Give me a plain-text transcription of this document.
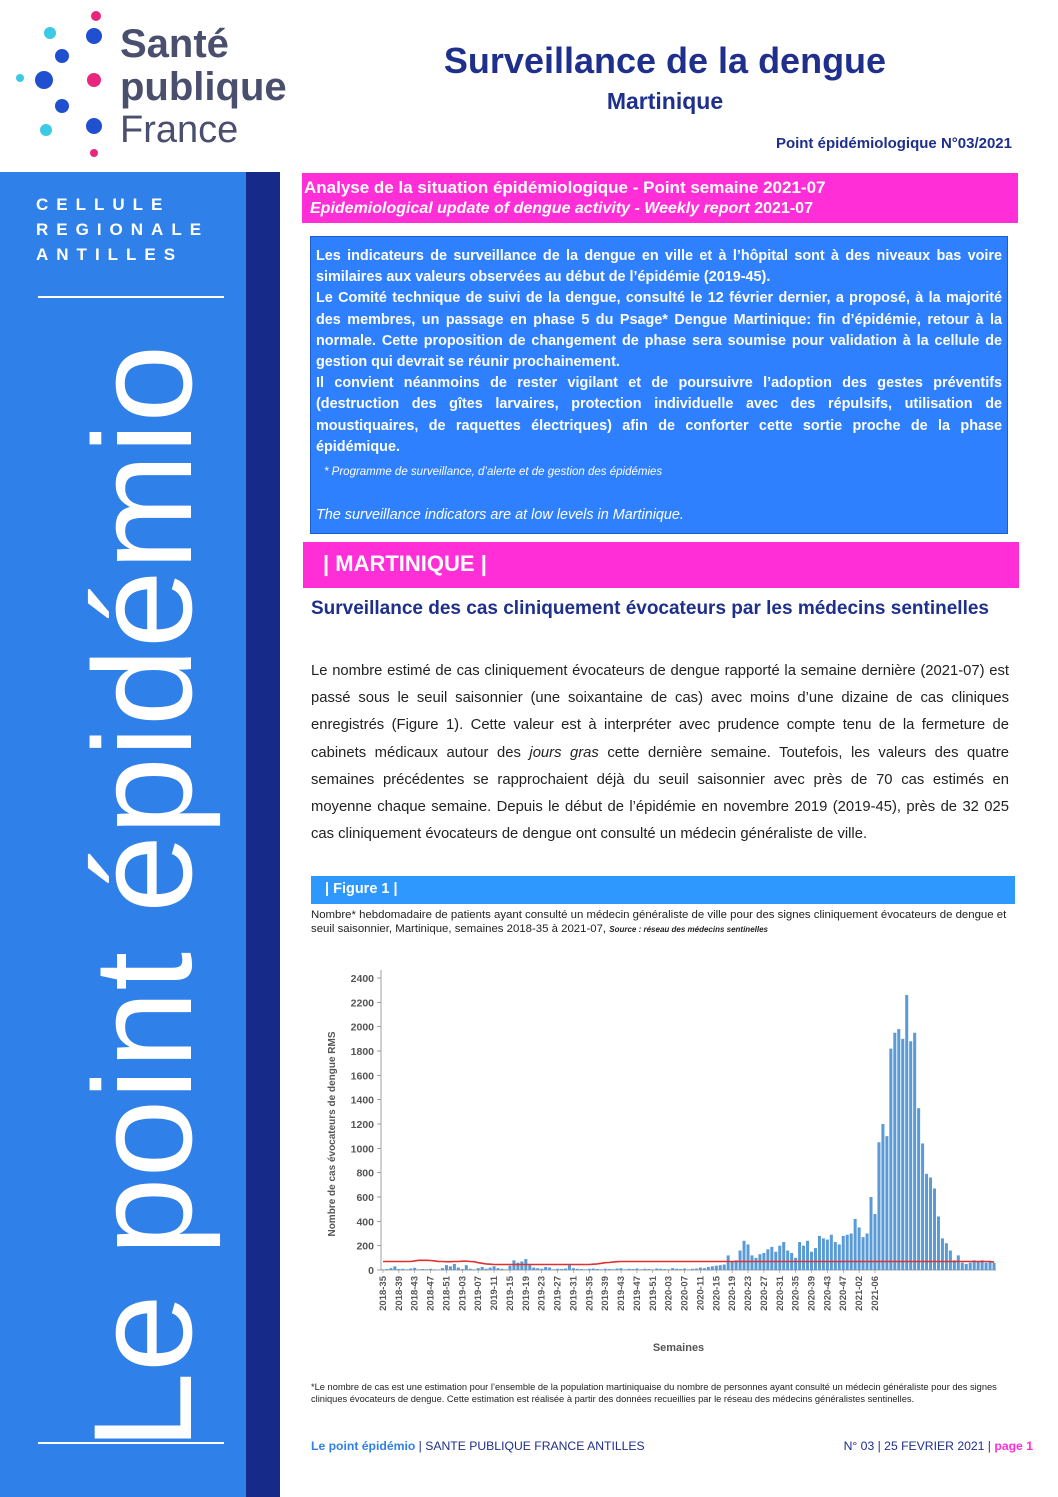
Santé
publique
France
Surveillance de la dengue
Martinique
Point épidémiologique N°03/2021
CELLULE
REGIONALE
ANTILLES
Le point épidémio
Analyse de la situation épidémiologique - Point semaine 2021-07
Epidemiological update of dengue activity - Weekly report 2021-07

Les indicateurs de surveillance de la dengue en ville et à l’hôpital sont à des niveaux bas voire similaires aux valeurs observées au début de l’épidémie (2019-45).

Le Comité technique de suivi de la dengue, consulté le 12 février dernier, a proposé, à la majorité des membres, un passage en phase 5 du Psage* Dengue Martinique: fin d’épidémie, retour à la normale. Cette proposition de changement de phase sera soumise pour validation à la cellule de gestion qui devrait se réunir prochainement.

Il convient néanmoins de rester vigilant et de poursuivre l’adoption des gestes préventifs (destruction des gîtes larvaires, protection individuelle avec des répulsifs, utilisation de moustiquaires, de raquettes électriques) afin de conforter cette sortie proche de la phase épidémique.

* Programme de surveillance, d’alerte et de gestion des épidémies

The surveillance indicators are at low levels in Martinique.

| MARTINIQUE |
Surveillance des cas cliniquement évocateurs par les médecins sentinelles
Le nombre estimé de cas cliniquement évocateurs de dengue rapporté la semaine dernière (2021-07) est passé sous le seuil saisonnier (une soixantaine de cas) avec moins d’une dizaine de cas cliniques enregistrés (Figure 1). Cette valeur est à interpréter avec prudence compte tenu de la fermeture de cabinets médicaux autour des jours gras cette dernière semaine. Toutefois, les valeurs des quatre semaines précédentes se rapprochaient déjà du seuil saisonnier avec près de 70 cas estimés en moyenne chaque semaine. Depuis le début de l’épidémie en novembre 2019 (2019-45), près de 32 025 cas cliniquement évocateurs de dengue ont consulté un médecin généraliste de ville.
| Figure 1 |
Nombre* hebdomadaire de patients ayant consulté un médecin généraliste de ville pour des signes cliniquement évocateurs de dengue et seuil saisonnier, Martinique, semaines 2018-35 à 2021-07, Source : réseau des médecins sentinelles
0
200
400
600
800
1000
1200
1400
1600
1800
2000
2200
2400
2018-35 2018-39 2018-43 2018-47 2018-51 2019-03 2019-07 2019-11 2019-15 2019-19 2019-23 2019-27 2019-31 2019-35 2019-39 2019-43 2019-47 2019-51 2020-03 2020-07 2020-11 2020-15 2020-19 2020-23 2020-27 2020-31 2020-35 2020-39 2020-43 2020-47 2021-02 2021-06
Nombre de cas évocateurs de dengue RMS
Semaines
*Le nombre de cas est une estimation pour l’ensemble de la population martiniquaise du nombre de personnes ayant consulté un médecin généraliste pour des signes cliniques évocateurs de dengue. Cette estimation est réalisée à partir des données recueillies par le réseau des médecins généralistes sentinelles.
Le point épidémio | SANTE PUBLIQUE FRANCE ANTILLES	N° 03 | 25 FEVRIER 2021 | page 1
